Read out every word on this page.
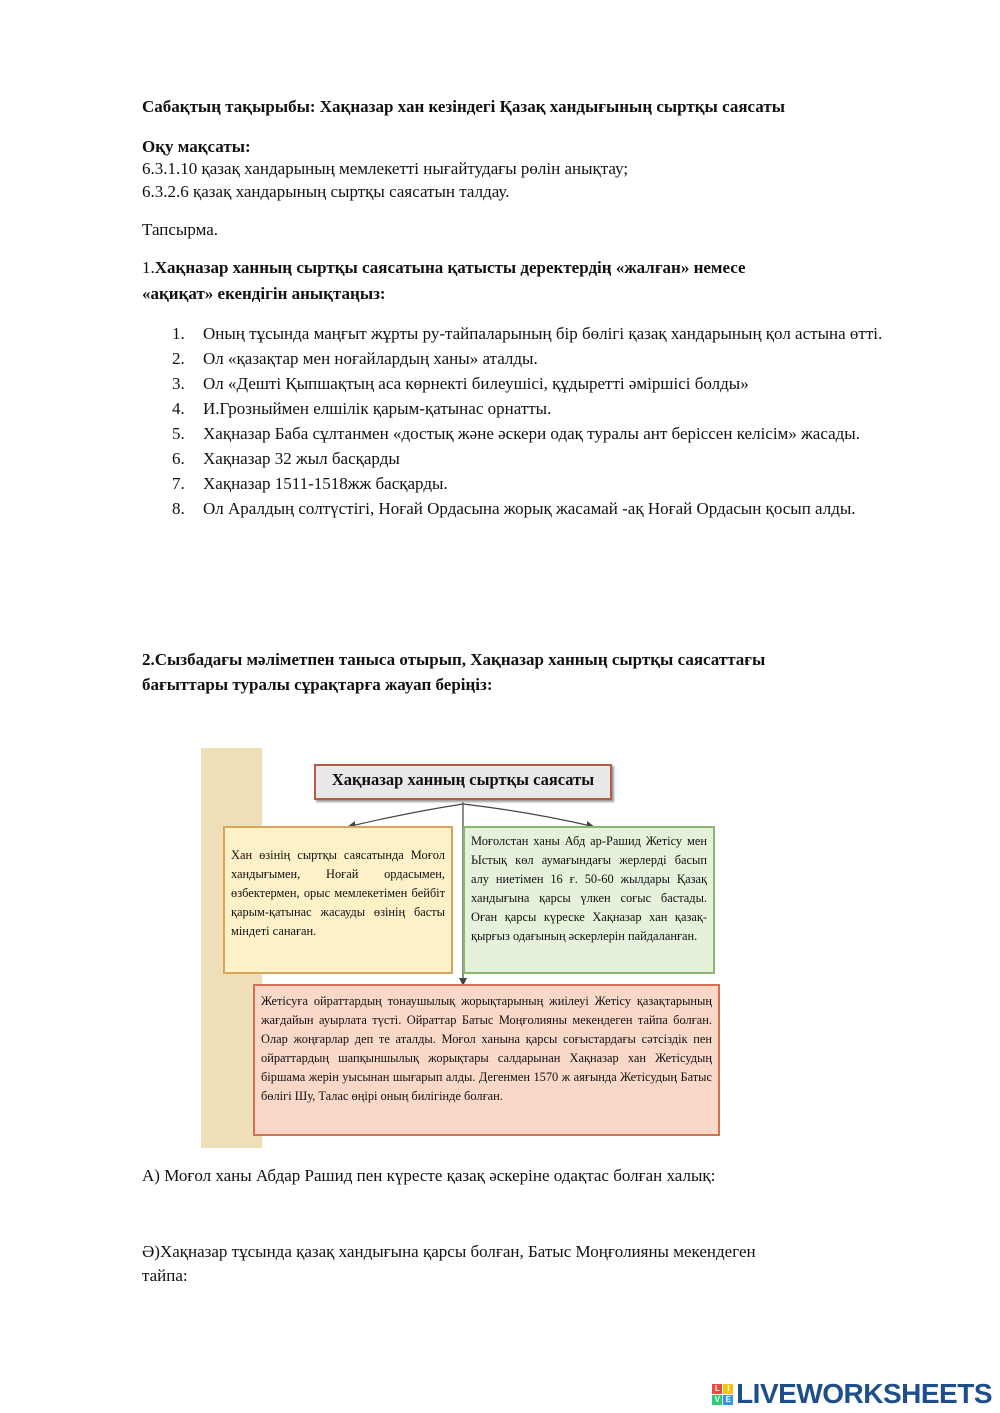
Сабақтың тақырыбы: Хақназар хан кезіндегі Қазақ хандығының сыртқы саясаты
Оқу мақсаты:
6.3.1.10 қазақ хандарының мемлекетті нығайтудағы рөлін анықтау;
6.3.2.6 қазақ хандарының сыртқы саясатын талдау.
Тапсырма.
1.Хақназар ханның сыртқы саясатына қатысты деректердің «жалған» немесе
«ақиқат» екендігін анықтаңыз:
1. Оның тұсында маңғыт жұрты ру-тайпаларының бір бөлігі қазақ хандарының қол астына өтті.
2. Ол «қазақтар мен ноғайлардың ханы» аталды.
3. Ол «Дешті Қыпшақтың аса көрнекті билеушісі, құдыретті әміршісі болды»
4. И.Грозныймен елшілік қарым-қатынас орнатты.
5. Хақназар Баба сұлтанмен «достық және әскери одақ туралы ант берісcен келісім» жасады.
6. Хақназар 32 жыл басқарды
7. Хақназар 1511-1518жж басқарды.
8. Ол Аралдың солтүстігі, Ноғай Ордасына жорық жасамай -ақ Ноғай Ордасын қосып алды.
2.Сызбадағы мәліметпен таныса отырып, Хақназар ханның сыртқы саясаттағы
бағыттары туралы сұрақтарға жауап беріңіз:
Хақназар ханның сыртқы саясаты
Хан өзінің сыртқы саясатында Моғол хандығымен, Ноғай ордасымен, өзбектермен, орыс мемлекетімен бейбіт қарым-қатынас жасауды өзінің басты міндеті санаған.
Моғолстан ханы Абд ар-Рашид Жетісу мен Ыстық көл аумағындағы жерлерді басып алу ниетімен 16 ғ. 50-60 жылдары Қазақ хандығына қарсы үлкен соғыс бастады. Оған қарсы күреске Хақназар хан қазақ-қырғыз одағының әскерлерін пайдаланған.
Жетісуға ойраттардың тонаушылық жорықтарының жиілеуі Жетісу қазақтарының жағдайын ауырлата түсті. Ойраттар Батыс Моңғолияны мекендеген тайпа болған. Олар жоңғарлар деп те аталды. Моғол ханына қарсы соғыстардағы сәтсіздік пен ойраттардың шапқыншылық жорықтары салдарынан Хақназар хан Жетісудың біршама жерін уысынан шығарып алды. Дегенмен 1570 ж аяғында Жетісудың Батыс бөлігі Шу, Талас өңірі оның билігінде болған.
А) Моғол ханы Абдар Рашид пен күресте қазақ әскеріне одақтас болған халық:
Ә)Хақназар тұсында қазақ хандығына қарсы болған, Батыс Моңғолияны мекендеген
тайпа:
L I
V E LIVEWORKSHEETS
